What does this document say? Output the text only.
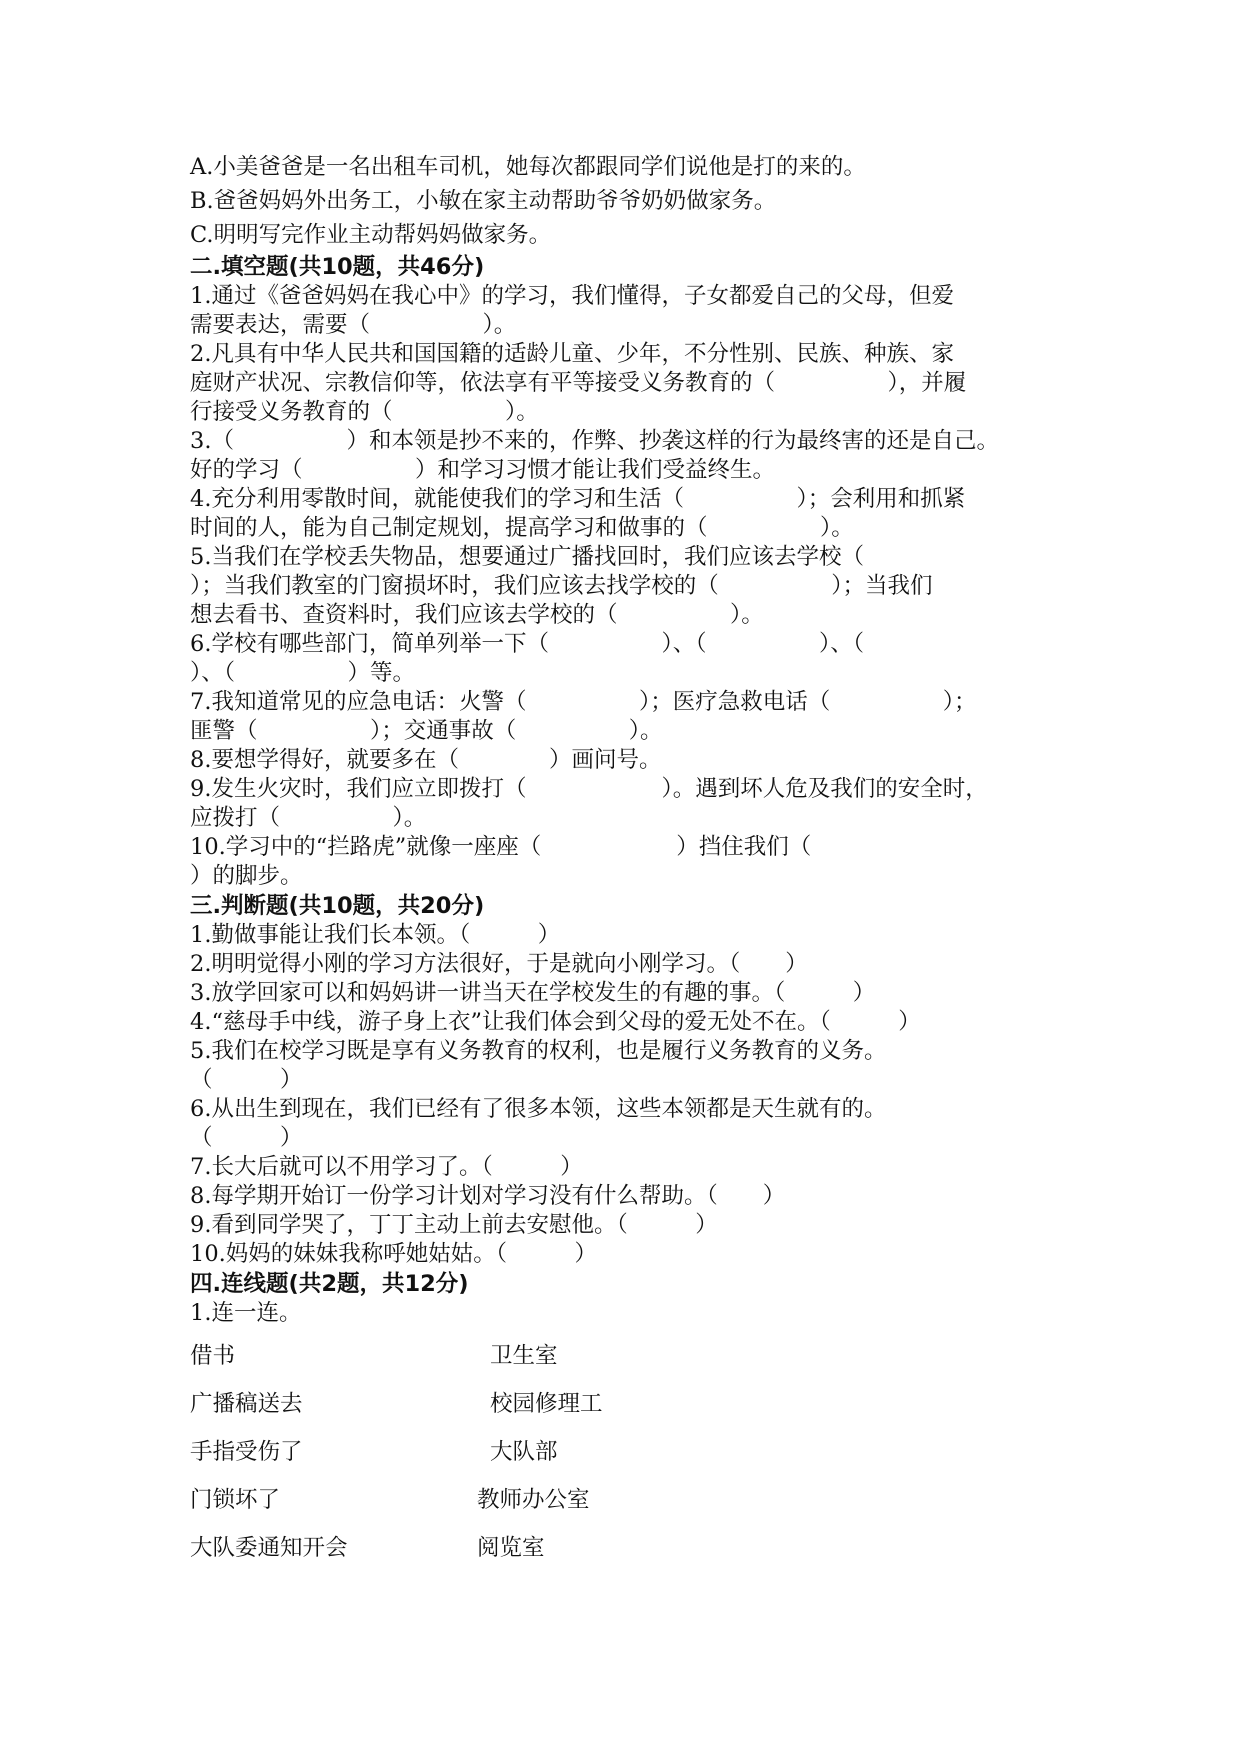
A.小美爸爸是一名出租车司机，她每次都跟同学们说他是打的来的。
B.爸爸妈妈外出务工，小敏在家主动帮助爷爷奶奶做家务。
C.明明写完作业主动帮妈妈做家务。
二.填空题(共10题，共46分)
1.通过《爸爸妈妈在我心中》的学习，我们懂得，子女都爱自己的父母，但爱
需要表达，需要（　　　　　）。
2.凡具有中华人民共和国国籍的适龄儿童、少年，不分性别、民族、种族、家
庭财产状况、宗教信仰等，依法享有平等接受义务教育的（　　　　　），并履
行接受义务教育的（　　　　　）。
3.（　　　　　）和本领是抄不来的，作弊、抄袭这样的行为最终害的还是自己。
好的学习（　　　　　）和学习习惯才能让我们受益终生。
4.充分利用零散时间，就能使我们的学习和生活（　　　　　）；会利用和抓紧
时间的人，能为自己制定规划，提高学习和做事的（　　　　　）。
5.当我们在学校丢失物品，想要通过广播找回时，我们应该去学校（
）；当我们教室的门窗损坏时，我们应该去找学校的（　　　　　）；当我们
想去看书、查资料时，我们应该去学校的（　　　　　）。
6.学校有哪些部门，简单列举一下（　　　　　）、（　　　　　）、（
）、（　　　　　）等。
7.我知道常见的应急电话：火警（　　　　　）；医疗急救电话（　　　　　）；
匪警（　　　　　）；交通事故（　　　　　）。
8.要想学得好，就要多在（　　　　）画问号。
9.发生火灾时，我们应立即拨打（　　　　　　）。遇到坏人危及我们的安全时，
应拨打（　　　　　）。
10.学习中的“拦路虎”就像一座座（　　　　　　）挡住我们（
）的脚步。
三.判断题(共10题，共20分)
1.勤做事能让我们长本领。（　　　）
2.明明觉得小刚的学习方法很好，于是就向小刚学习。（　　）
3.放学回家可以和妈妈讲一讲当天在学校发生的有趣的事。（　　　）
4.“慈母手中线，游子身上衣”让我们体会到父母的爱无处不在。（　　　）
5.我们在校学习既是享有义务教育的权利，也是履行义务教育的义务。
（　　　）
6.从出生到现在，我们已经有了很多本领，这些本领都是天生就有的。
（　　　）
7.长大后就可以不用学习了。（　　　）
8.每学期开始订一份学习计划对学习没有什么帮助。（　　）
9.看到同学哭了，丁丁主动上前去安慰他。（　　　）
10.妈妈的妹妹我称呼她姑姑。（　　　）
四.连线题(共2题，共12分)
1.连一连。
借书	卫生室
广播稿送去	校园修理工
手指受伤了	大队部
门锁坏了	教师办公室
大队委通知开会	阅览室
